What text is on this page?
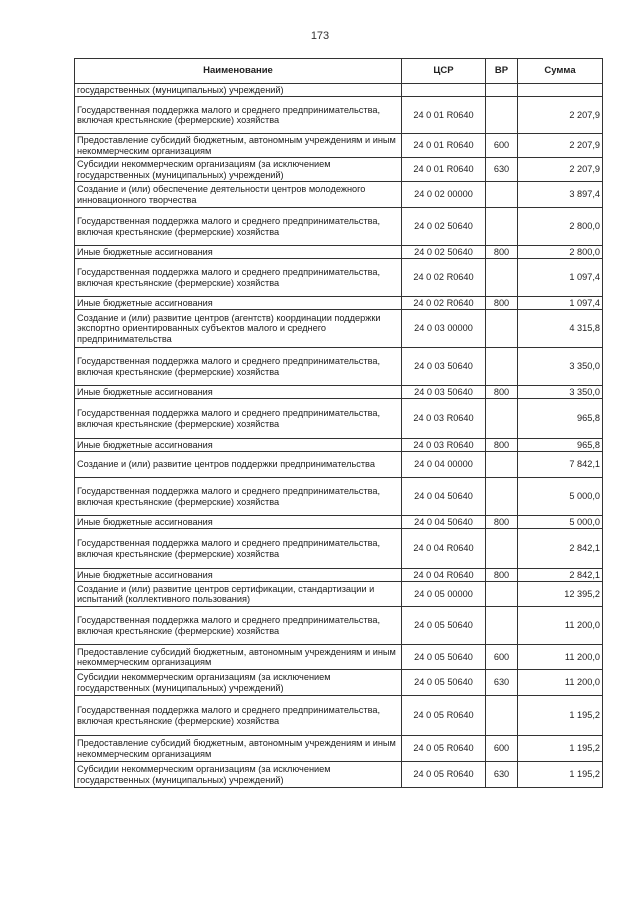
173
Наименование	ЦСР	ВР	Сумма
государственных (муниципальных) учреждений)			
Государственная поддержка малого и среднего предпринимательства, включая крестьянские (фермерские) хозяйства	24 0 01 R0640		2 207,9
Предоставление субсидий бюджетным, автономным учреждениям и иным некоммерческим организациям	24 0 01 R0640	600	2 207,9
Субсидии некоммерческим организациям (за исключением государственных (муниципальных) учреждений)	24 0 01 R0640	630	2 207,9
Создание и (или) обеспечение деятельности центров молодежного инновационного творчества	24 0 02 00000		3 897,4
Государственная поддержка малого и среднего предпринимательства, включая крестьянские (фермерские) хозяйства	24 0 02 50640		2 800,0
Иные бюджетные ассигнования	24 0 02 50640	800	2 800,0
Государственная поддержка малого и среднего предпринимательства, включая крестьянские (фермерские) хозяйства	24 0 02 R0640		1 097,4
Иные бюджетные ассигнования	24 0 02 R0640	800	1 097,4
Создание и (или) развитие центров (агентств) координации поддержки экспортно ориентированных субъектов малого и среднего предпринимательства	24 0 03 00000		4 315,8
Государственная поддержка малого и среднего предпринимательства, включая крестьянские (фермерские) хозяйства	24 0 03 50640		3 350,0
Иные бюджетные ассигнования	24 0 03 50640	800	3 350,0
Государственная поддержка малого и среднего предпринимательства, включая крестьянские (фермерские) хозяйства	24 0 03 R0640		965,8
Иные бюджетные ассигнования	24 0 03 R0640	800	965,8
Создание и (или) развитие центров поддержки предпринимательства	24 0 04 00000		7 842,1
Государственная поддержка малого и среднего предпринимательства, включая крестьянские (фермерские) хозяйства	24 0 04 50640		5 000,0
Иные бюджетные ассигнования	24 0 04 50640	800	5 000,0
Государственная поддержка малого и среднего предпринимательства, включая крестьянские (фермерские) хозяйства	24 0 04 R0640		2 842,1
Иные бюджетные ассигнования	24 0 04 R0640	800	2 842,1
Создание и (или) развитие центров сертификации, стандартизации и испытаний (коллективного пользования)	24 0 05 00000		12 395,2
Государственная поддержка малого и среднего предпринимательства, включая крестьянские (фермерские) хозяйства	24 0 05 50640		11 200,0
Предоставление субсидий бюджетным, автономным учреждениям и иным некоммерческим организациям	24 0 05 50640	600	11 200,0
Субсидии некоммерческим организациям (за исключением государственных (муниципальных) учреждений)	24 0 05 50640	630	11 200,0
Государственная поддержка малого и среднего предпринимательства, включая крестьянские (фермерские) хозяйства	24 0 05 R0640		1 195,2
Предоставление субсидий бюджетным, автономным учреждениям и иным некоммерческим организациям	24 0 05 R0640	600	1 195,2
Субсидии некоммерческим организациям (за исключением государственных (муниципальных) учреждений)	24 0 05 R0640	630	1 195,2
